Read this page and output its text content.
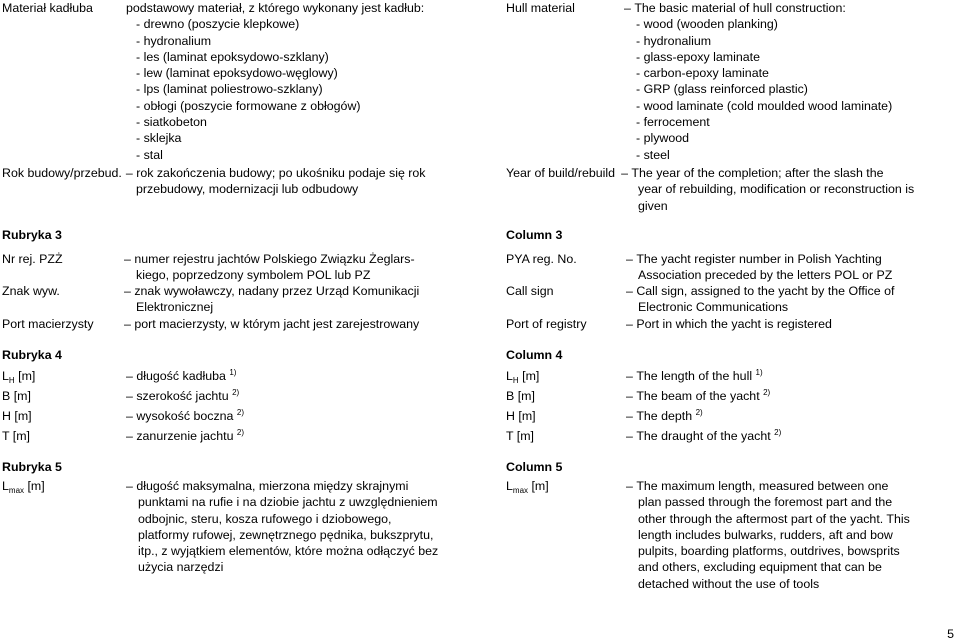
Materiał kadłuba	podstawowy materiał, z którego wykonany jest kadłub:
- drewno (poszycie klepkowe)
- hydronalium
- les (laminat epoksydowo-szklany)
- lew (laminat epoksydowo-węglowy)
- lps (laminat poliestrowo-szklany)
- obłogi (poszycie formowane z obłogów)
- siatkobeton
- sklejka
- stal
Rok budowy/przebud.	– rok zakończenia budowy; po ukośniku podaje się rok
przebudowy, modernizacji lub odbudowy
Rubryka 3
Nr rej. PZŻ	– numer rejestru jachtów Polskiego Związku Żeglars-
kiego, poprzedzony symbolem POL lub PZ
Znak wyw.	– znak wywoławczy, nadany przez Urząd Komunikacji
Elektronicznej
Port macierzysty	– port macierzysty, w którym jacht jest zarejestrowany
Rubryka 4
$L_H$ [m]	– długość kadłuba $^{1)}$
B [m]	– szerokość jachtu $^{2)}$
H [m]	– wysokość boczna $^{2)}$
T [m]	– zanurzenie jachtu $^{2)}$
Rubryka 5
$L_{max}$ [m]	– długość maksymalna, mierzona między skrajnymi
punktami na rufie i na dziobie jachtu z uwzględnieniem
odbojnic, steru, kosza rufowego i dziobowego,
platformy rufowej, zewnętrznego pędnika, bukszprytu,
itp., z wyjątkiem elementów, które można odłączyć bez
użycia narzędzi
Hull material	– The basic material of hull construction:
- wood (wooden planking)
- hydronalium
- glass-epoxy laminate
- carbon-epoxy laminate
- GRP (glass reinforced plastic)
- wood laminate (cold moulded wood laminate)
- ferrocement
- plywood
- steel
Year of build/rebuild	– The year of the completion; after the slash the
year of rebuilding, modification or reconstruction is
given
Column 3
PYA reg. No.	– The yacht register number in Polish Yachting
Association preceded by the letters POL or PZ
Call sign	– Call sign, assigned to the yacht by the Office of
Electronic Communications
Port of registry	– Port in which the yacht is registered
Column 4
$L_H$ [m]	– The length of the hull $^{1)}$
B [m]	– The beam of the yacht $^{2)}$
H [m]	– The depth $^{2)}$
T [m]	– The draught of the yacht $^{2)}$
Column 5
$L_{max}$ [m]	– The maximum length, measured between one
plan passed through the foremost part and the
other through the aftermost part of the yacht. This
length includes bulwarks, rudders, aft and bow
pulpits, boarding platforms, outdrives, bowsprits
and others, excluding equipment that can be
detached without the use of tools
5
